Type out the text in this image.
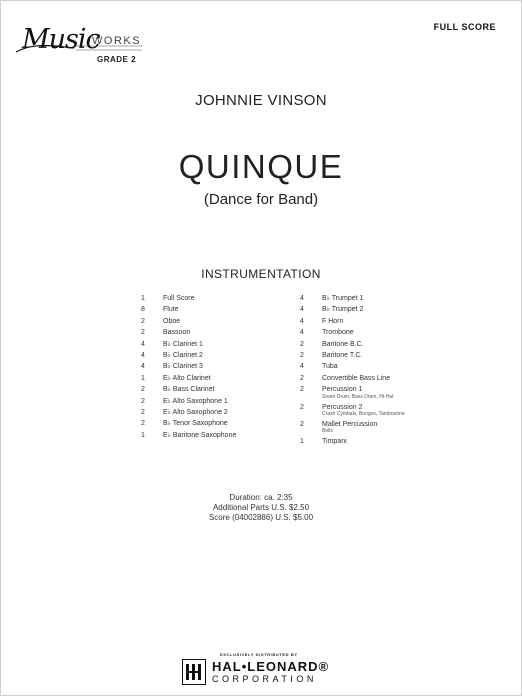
Music
WORKS
GRADE 2
FULL SCORE
JOHNNIE VINSON
QUINQUE
(Dance for Band)
INSTRUMENTATION
1	Full Score
8	Flute
2	Oboe
2	Bassoon
4	B♭ Clarinet 1
4	B♭ Clarinet 2
4	B♭ Clarinet 3
1	E♭ Alto Clarinet
2	B♭ Bass Clarinet
2	E♭ Alto Saxophone 1
2	E♭ Alto Saxophone 2
2	B♭ Tenor Saxophone
1	E♭ Baritone Saxophone
4	B♭ Trumpet 1
4	B♭ Trumpet 2
4	F Horn
4	Trombone
2	Baritone B.C.
2	Baritone T.C.
4	Tuba
2	Convertible Bass Line
2	Percussion 1
Snare Drum, Bass Drum, Hi-Hat
2	Percussion 2
Crash Cymbals, Bongos, Tambourine
2	Mallet Percussion
Bells
1	Timpani
Duration: ca. 2:35
Additional Parts U.S. $2.50
Score (04002886) U.S. $5.00
EXCLUSIVELY DISTRIBUTED BY
HAL•LEONARD®
CORPORATION
